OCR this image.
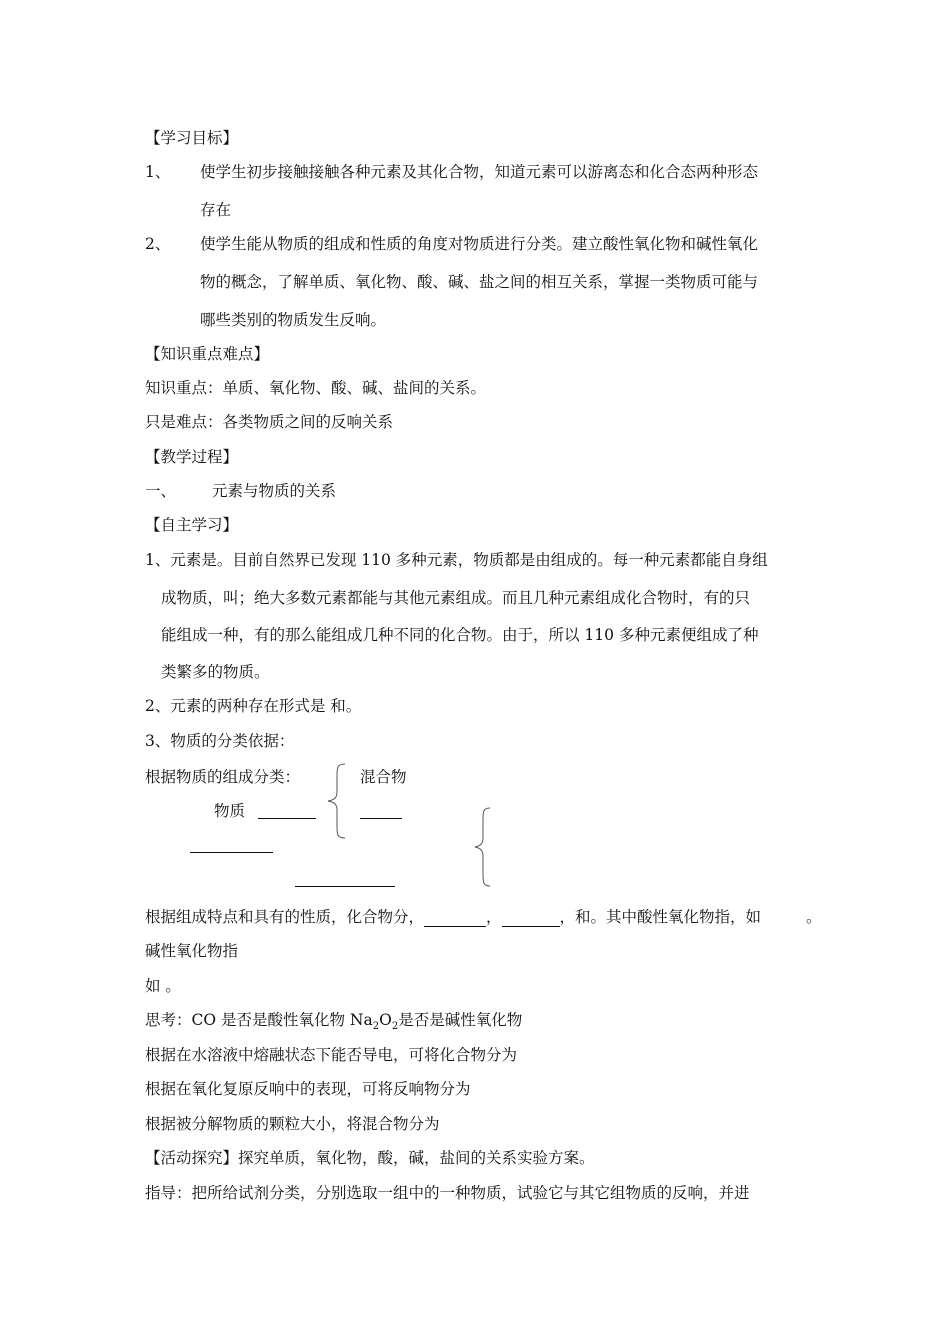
【学习目标】
1、 使学生初步接触接触各种元素及其化合物，知道元素可以游离态和化合态两种形态
存在
2、 使学生能从物质的组成和性质的角度对物质进行分类。建立酸性氧化物和碱性氧化
物的概念，了解单质、氧化物、酸、碱、盐之间的相互关系，掌握一类物质可能与
哪些类别的物质发生反响。
【知识重点难点】
知识重点：单质、氧化物、酸、碱、盐间的关系。
只是难点：各类物质之间的反响关系
【教学过程】
一、 元素与物质的关系
【自主学习】
1、元素是。目前自然界已发现 110 多种元素，物质都是由组成的。每一种元素都能自身组
成物质，叫；绝大多数元素都能与其他元素组成。而且几种元素组成化合物时，有的只
能组成一种，有的那么能组成几种不同的化合物。由于，所以 110 多种元素便组成了种
类繁多的物质。
2、元素的两种存在形式是 和。
3、物质的分类依据：
根据物质的组成分类：	混合物
物质
根据组成特点和具有的性质，化合物分，	，	，和。其中酸性氧化物指，如	。
碱性氧化物指
如 。
思考：CO 是否是酸性氧化物 $Na_2O_2$是否是碱性氧化物
根据在水溶液中熔融状态下能否导电，可将化合物分为
根据在氧化复原反响中的表现，可将反响物分为
根据被分解物质的颗粒大小，将混合物分为
【活动探究】探究单质，氧化物，酸，碱，盐间的关系实验方案。
指导：把所给试剂分类，分别选取一组中的一种物质，试验它与其它组物质的反响，并进
